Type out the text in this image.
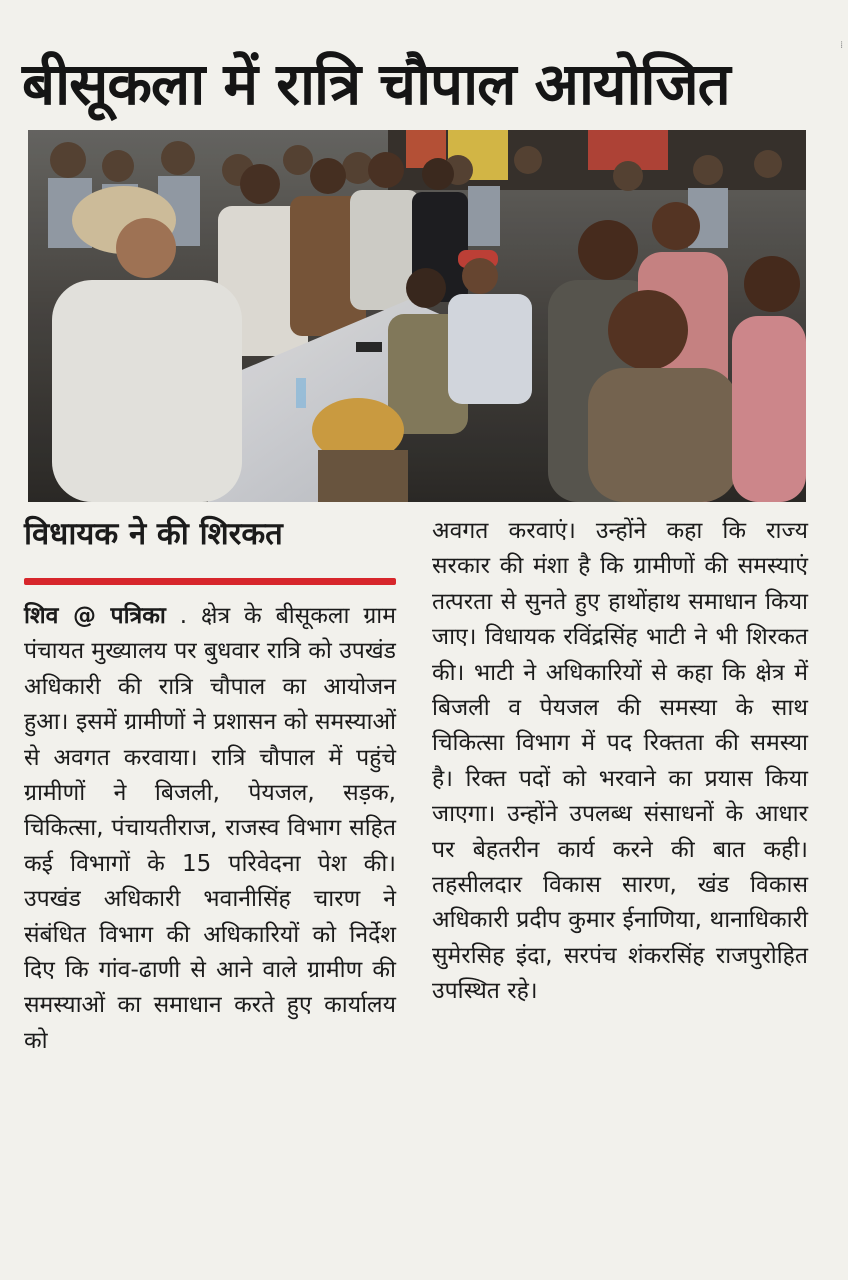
बीसूकला में रात्रि चौपाल आयोजित
विधायक ने की शिरकत

शिव @ पत्रिका . क्षेत्र के बीसूकला ग्राम पंचायत मुख्यालय पर बुधवार रात्रि को उपखंड अधिकारी की रात्रि चौपाल का आयोजन हुआ। इसमें ग्रामीणों ने प्रशासन को समस्याओं से अवगत करवाया। रात्रि चौपाल में पहुंचे ग्रामीणों ने बिजली, पेयजल, सड़क, चिकित्सा, पंचायतीराज, राजस्व विभाग सहित कई विभागों के 15 परिवेदना पेश की। उपखंड अधिकारी भवानीसिंह चारण ने संबंधित विभाग की अधिकारियों को निर्देश दिए कि गांव-ढाणी से आने वाले ग्रामीण की समस्याओं का समाधान करते हुए कार्यालय को

अवगत करवाएं। उन्होंने कहा कि राज्य सरकार की मंशा है कि ग्रामीणों की समस्याएं तत्परता से सुनते हुए हाथोंहाथ समाधान किया जाए। विधायक रविंद्रसिंह भाटी ने भी शिरकत की। भाटी ने अधिकारियों से कहा कि क्षेत्र में बिजली व पेयजल की समस्या के साथ चिकित्सा विभाग में पद रिक्तता की समस्या है। रिक्त पदों को भरवाने का प्रयास किया जाएगा। उन्होंने उपलब्ध संसाधनों के आधार पर बेहतरीन कार्य करने की बात कही। तहसीलदार विकास सारण, खंड विकास अधिकारी प्रदीप कुमार ईनाणिया, थानाधिकारी सुमेरसिह इंदा, सरपंच शंकरसिंह राजपुरोहित उपस्थित रहे।

⁞
